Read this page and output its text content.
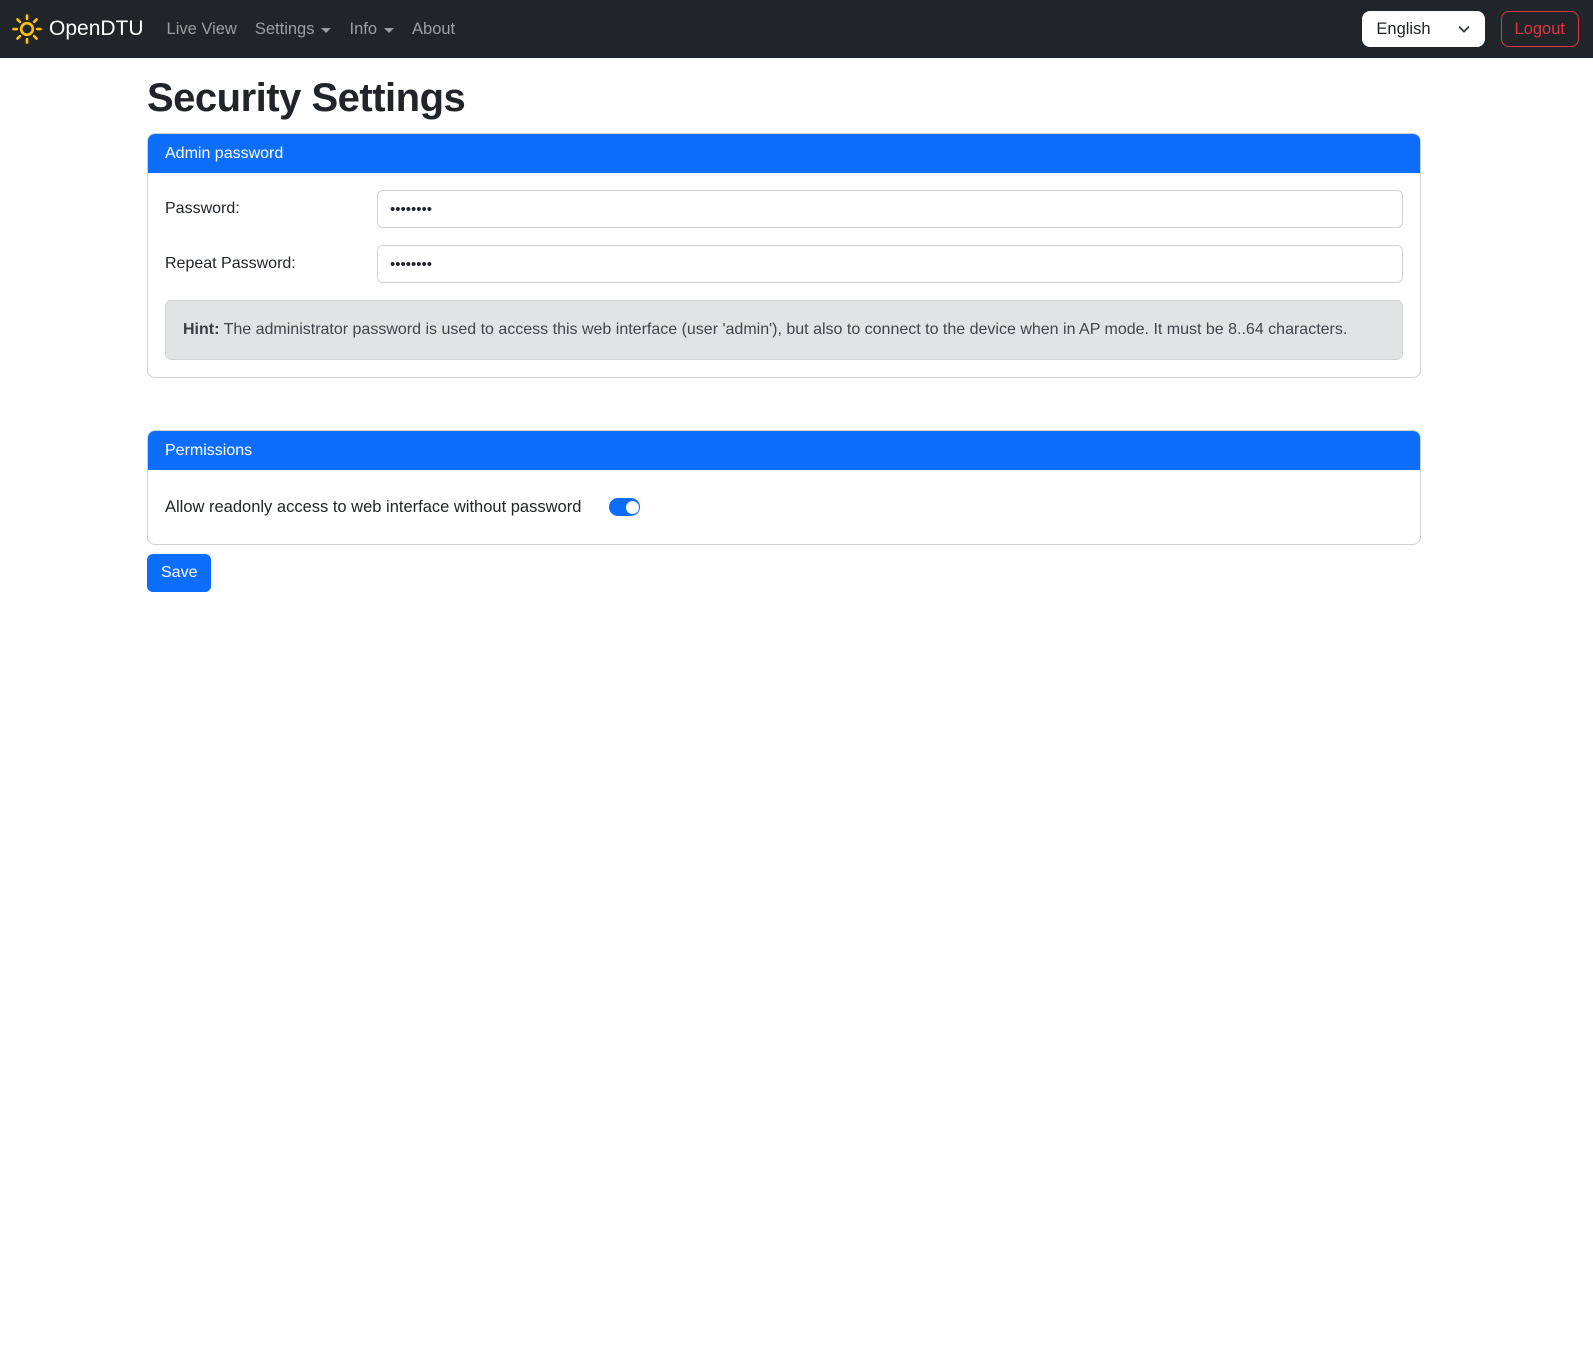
OpenDTU Live View Settings Info About	English	Logout
Security Settings
Admin password
Password:
Repeat Password:
Hint: The administrator password is used to access this web interface (user 'admin'), but also to connect to the device when in AP mode. It must be 8..64 characters.
Permissions
Allow readonly access to web interface without password
Save
